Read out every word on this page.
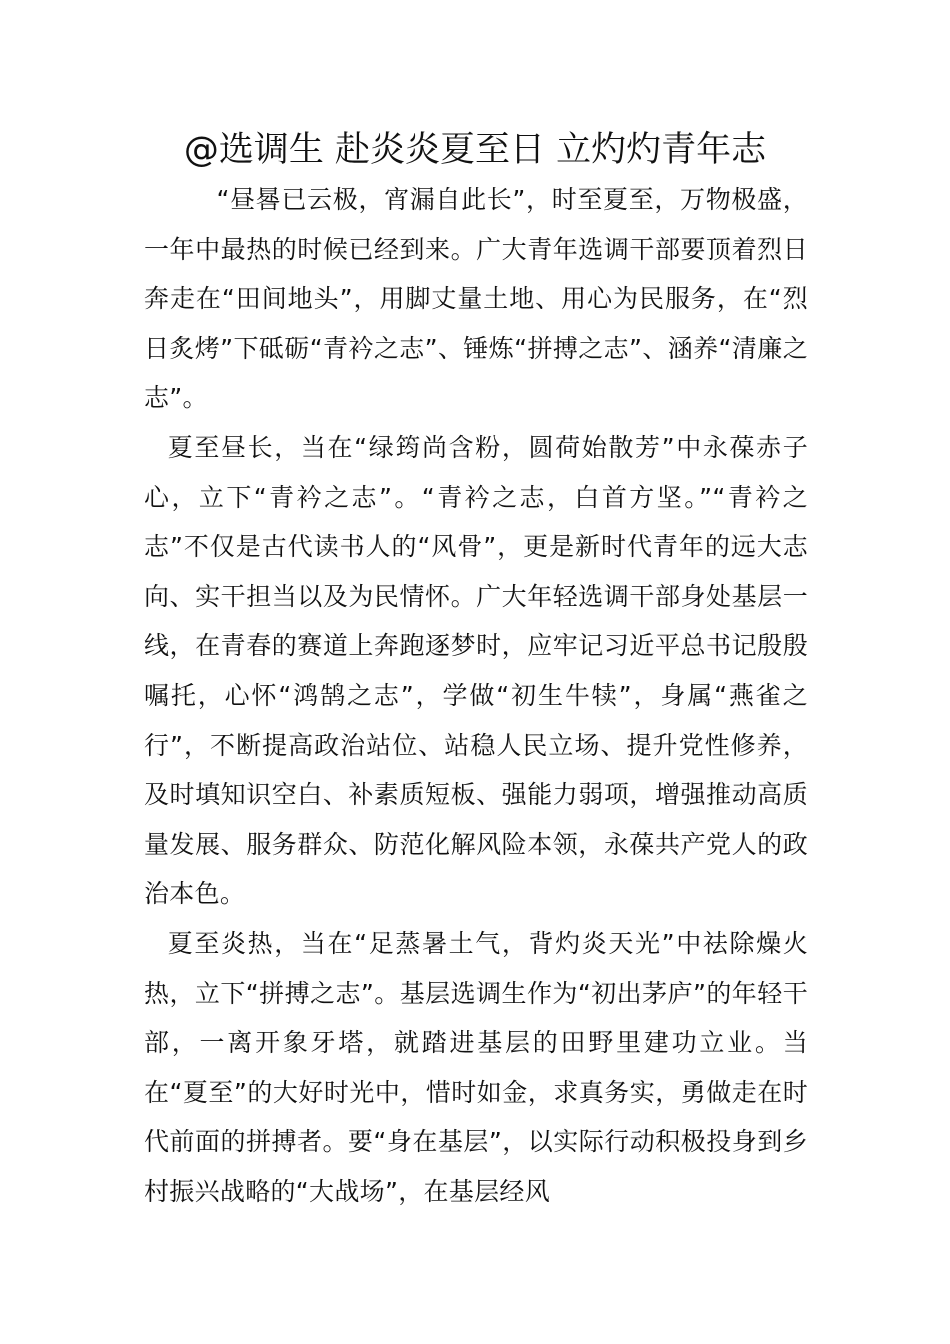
@选调生 赴炎炎夏至日 立灼灼青年志

“昼晷已云极，宵漏自此长”，时至夏至，万物极盛，一年中最热的时候已经到来。广大青年选调干部要顶着烈日奔走在“田间地头”，用脚丈量土地、用心为民服务，在“烈日炙烤”下砥砺“青衿之志”、锤炼“拼搏之志”、涵养“清廉之志”。

夏至昼长，当在“绿筠尚含粉，圆荷始散芳”中永葆赤子心，立下“青衿之志”。“青衿之志，白首方坚。”“青衿之志”不仅是古代读书人的“风骨”，更是新时代青年的远大志向、实干担当以及为民情怀。广大年轻选调干部身处基层一线，在青春的赛道上奔跑逐梦时，应牢记习近平总书记殷殷嘱托，心怀“鸿鹄之志”，学做“初生牛犊”，身属“燕雀之行”，不断提高政治站位、站稳人民立场、提升党性修养，及时填知识空白、补素质短板、强能力弱项，增强推动高质量发展、服务群众、防范化解风险本领，永葆共产党人的政治本色。

夏至炎热，当在“足蒸暑土气，背灼炎天光”中祛除燥火热，立下“拼搏之志”。基层选调生作为“初出茅庐”的年轻干部，一离开象牙塔，就踏进基层的田野里建功立业。当在“夏至”的大好时光中，惜时如金，求真务实，勇做走在时代前面的拼搏者。要“身在基层”，以实际行动积极投身到乡村振兴战略的“大战场”，在基层经风
